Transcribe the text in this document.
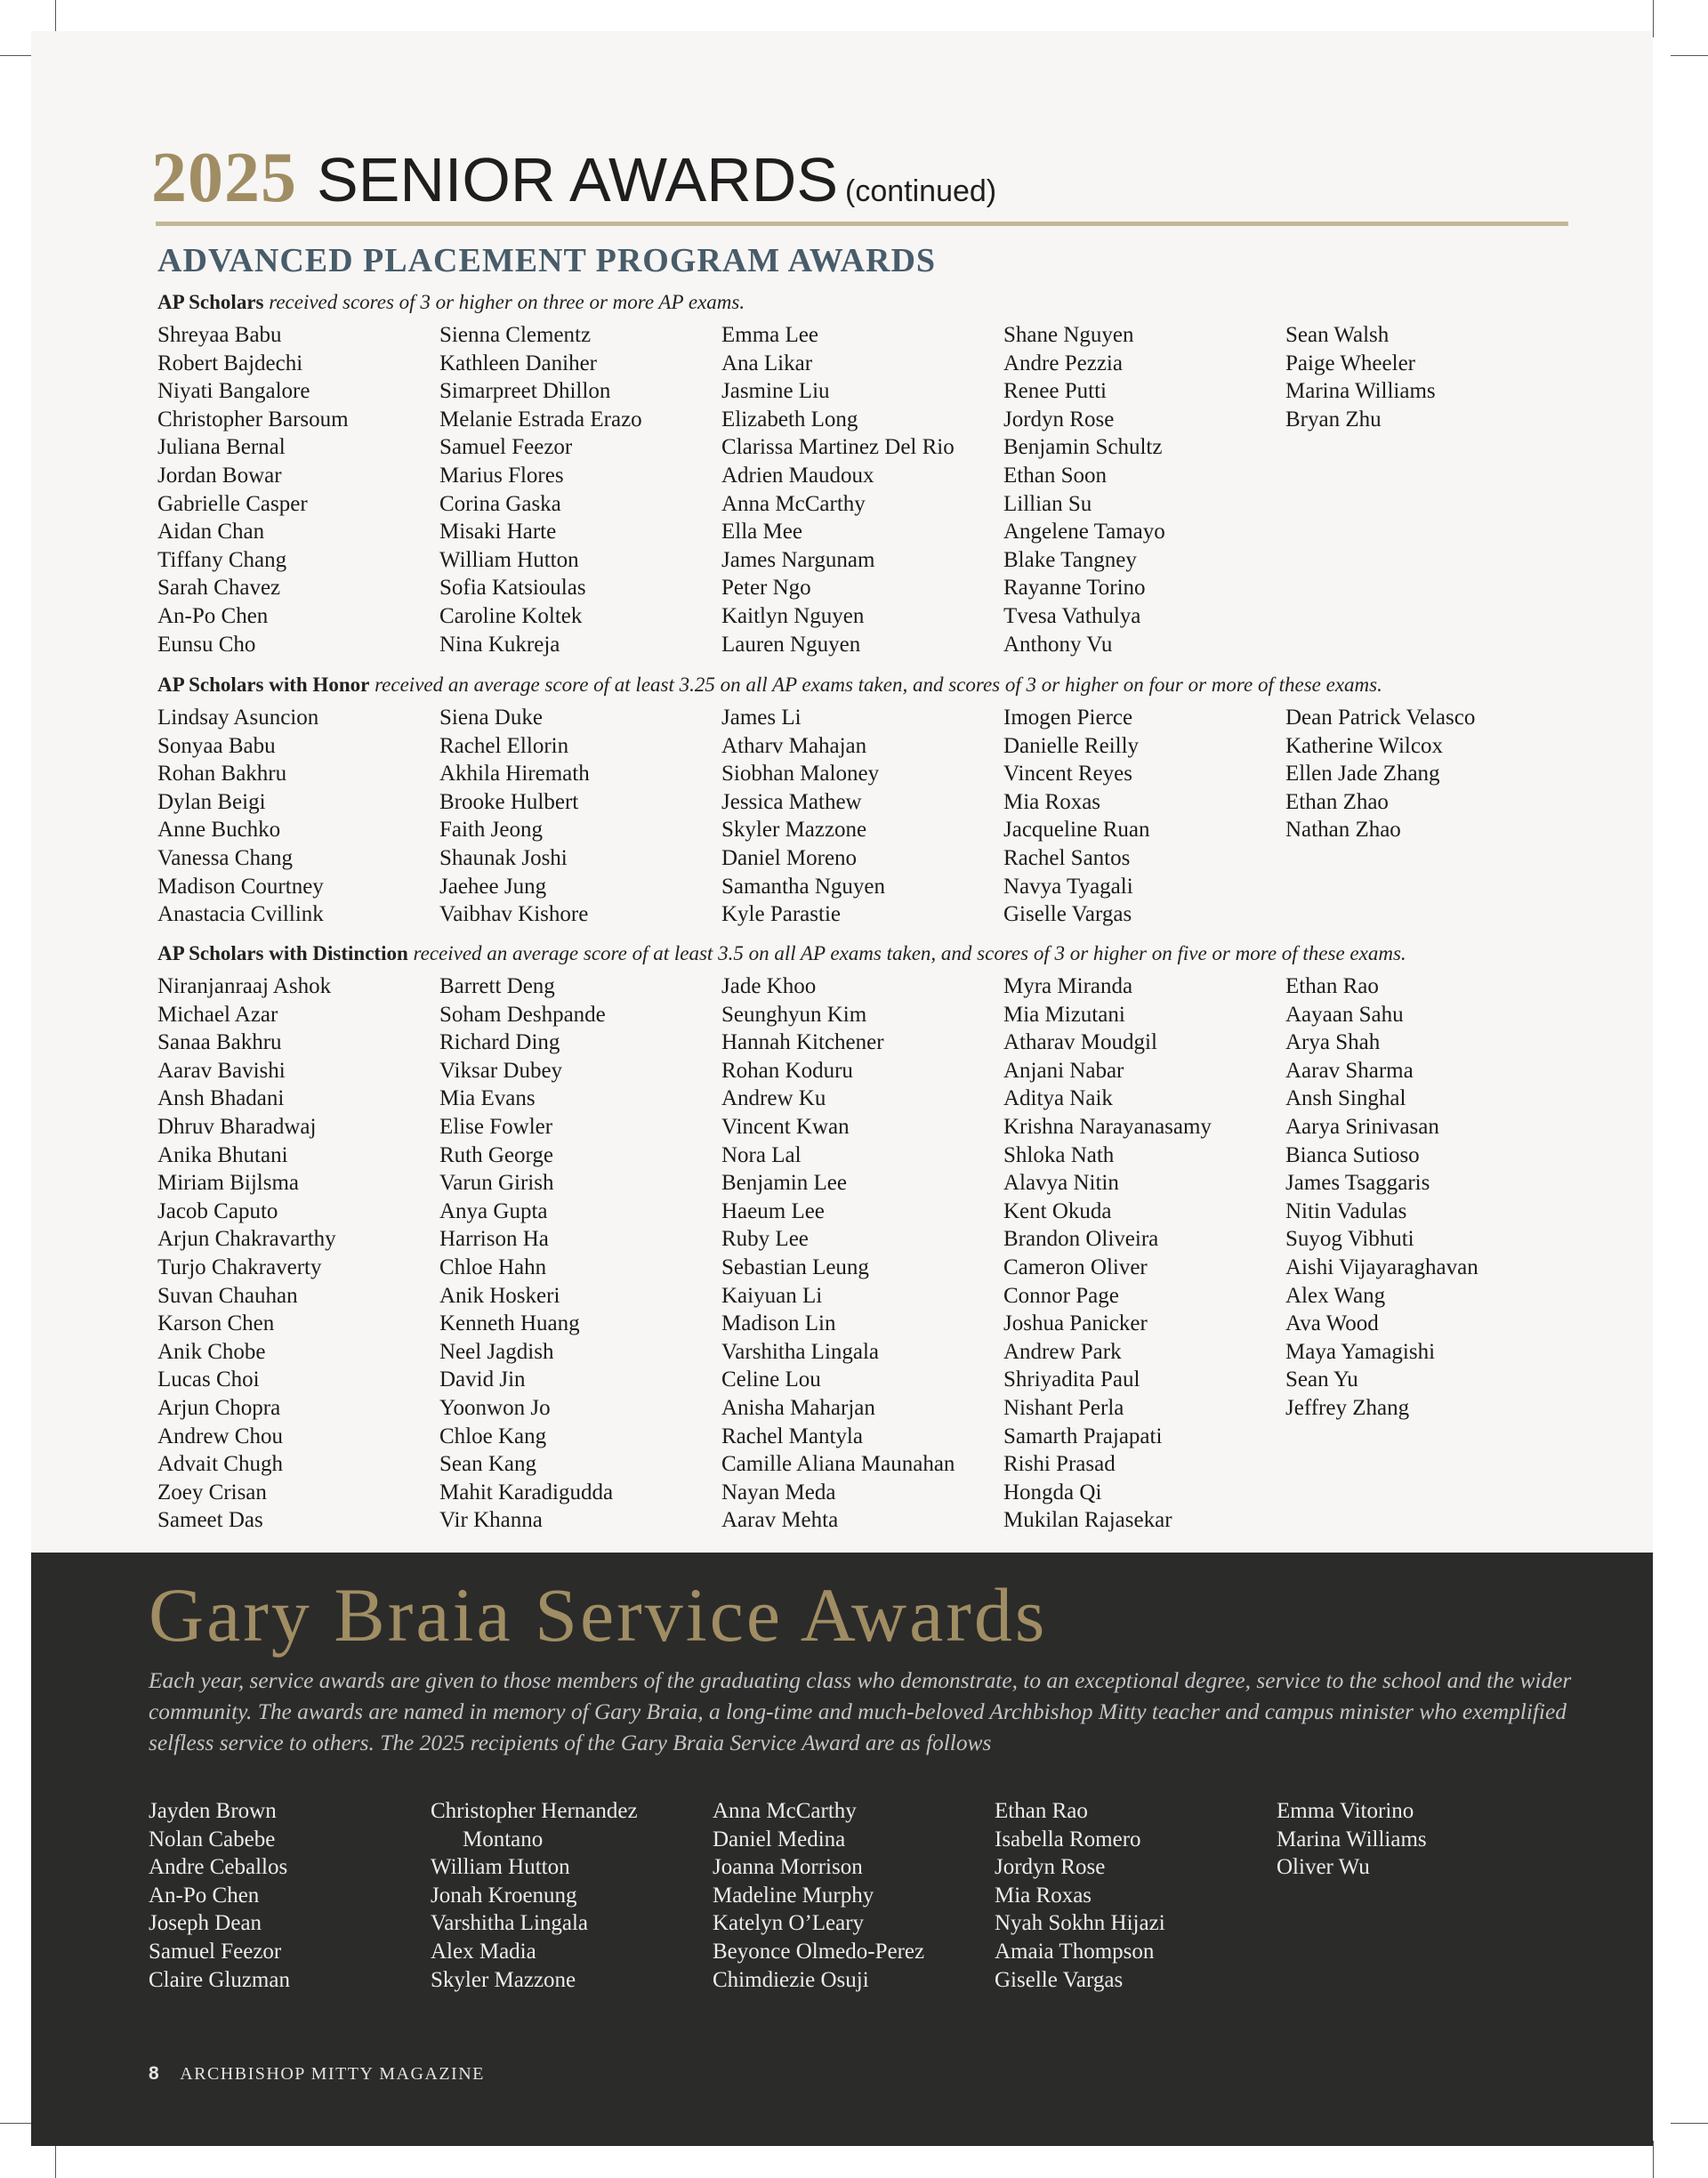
2025 SENIOR AWARDS (continued)
ADVANCED PLACEMENT PROGRAM AWARDS
AP Scholars received scores of 3 or higher on three or more AP exams.
Shreyaa Babu
Robert Bajdechi
Niyati Bangalore
Christopher Barsoum
Juliana Bernal
Jordan Bowar
Gabrielle Casper
Aidan Chan
Tiffany Chang
Sarah Chavez
An-Po Chen
Eunsu Cho
Sienna Clementz
Kathleen Daniher
Simarpreet Dhillon
Melanie Estrada Erazo
Samuel Feezor
Marius Flores
Corina Gaska
Misaki Harte
William Hutton
Sofia Katsioulas
Caroline Koltek
Nina Kukreja
Emma Lee
Ana Likar
Jasmine Liu
Elizabeth Long
Clarissa Martinez Del Rio
Adrien Maudoux
Anna McCarthy
Ella Mee
James Nargunam
Peter Ngo
Kaitlyn Nguyen
Lauren Nguyen
Shane Nguyen
Andre Pezzia
Renee Putti
Jordyn Rose
Benjamin Schultz
Ethan Soon
Lillian Su
Angelene Tamayo
Blake Tangney
Rayanne Torino
Tvesa Vathulya
Anthony Vu
Sean Walsh
Paige Wheeler
Marina Williams
Bryan Zhu
AP Scholars with Honor received an average score of at least 3.25 on all AP exams taken, and scores of 3 or higher on four or more of these exams.
Lindsay Asuncion
Sonyaa Babu
Rohan Bakhru
Dylan Beigi
Anne Buchko
Vanessa Chang
Madison Courtney
Anastacia Cvillink
Siena Duke
Rachel Ellorin
Akhila Hiremath
Brooke Hulbert
Faith Jeong
Shaunak Joshi
Jaehee Jung
Vaibhav Kishore
James Li
Atharv Mahajan
Siobhan Maloney
Jessica Mathew
Skyler Mazzone
Daniel Moreno
Samantha Nguyen
Kyle Parastie
Imogen Pierce
Danielle Reilly
Vincent Reyes
Mia Roxas
Jacqueline Ruan
Rachel Santos
Navya Tyagali
Giselle Vargas
Dean Patrick Velasco
Katherine Wilcox
Ellen Jade Zhang
Ethan Zhao
Nathan Zhao
AP Scholars with Distinction received an average score of at least 3.5 on all AP exams taken, and scores of 3 or higher on five or more of these exams.
Niranjanraaj Ashok
Michael Azar
Sanaa Bakhru
Aarav Bavishi
Ansh Bhadani
Dhruv Bharadwaj
Anika Bhutani
Miriam Bijlsma
Jacob Caputo
Arjun Chakravarthy
Turjo Chakraverty
Suvan Chauhan
Karson Chen
Anik Chobe
Lucas Choi
Arjun Chopra
Andrew Chou
Advait Chugh
Zoey Crisan
Sameet Das
Barrett Deng
Soham Deshpande
Richard Ding
Viksar Dubey
Mia Evans
Elise Fowler
Ruth George
Varun Girish
Anya Gupta
Harrison Ha
Chloe Hahn
Anik Hoskeri
Kenneth Huang
Neel Jagdish
David Jin
Yoonwon Jo
Chloe Kang
Sean Kang
Mahit Karadigudda
Vir Khanna
Jade Khoo
Seunghyun Kim
Hannah Kitchener
Rohan Koduru
Andrew Ku
Vincent Kwan
Nora Lal
Benjamin Lee
Haeum Lee
Ruby Lee
Sebastian Leung
Kaiyuan Li
Madison Lin
Varshitha Lingala
Celine Lou
Anisha Maharjan
Rachel Mantyla
Camille Aliana Maunahan
Nayan Meda
Aarav Mehta
Myra Miranda
Mia Mizutani
Atharav Moudgil
Anjani Nabar
Aditya Naik
Krishna Narayanasamy
Shloka Nath
Alavya Nitin
Kent Okuda
Brandon Oliveira
Cameron Oliver
Connor Page
Joshua Panicker
Andrew Park
Shriyadita Paul
Nishant Perla
Samarth Prajapati
Rishi Prasad
Hongda Qi
Mukilan Rajasekar
Ethan Rao
Aayaan Sahu
Arya Shah
Aarav Sharma
Ansh Singhal
Aarya Srinivasan
Bianca Sutioso
James Tsaggaris
Nitin Vadulas
Suyog Vibhuti
Aishi Vijayaraghavan
Alex Wang
Ava Wood
Maya Yamagishi
Sean Yu
Jeffrey Zhang
Gary Braia Service Awards
Each year, service awards are given to those members of the graduating class who demonstrate, to an exceptional degree, service to the school and the wider community. The awards are named in memory of Gary Braia, a long-time and much-beloved Archbishop Mitty teacher and campus minister who exemplified selfless service to others. The 2025 recipients of the Gary Braia Service Award are as follows
Jayden Brown
Nolan Cabebe
Andre Ceballos
An-Po Chen
Joseph Dean
Samuel Feezor
Claire Gluzman
Christopher Hernandez
Montano
William Hutton
Jonah Kroenung
Varshitha Lingala
Alex Madia
Skyler Mazzone
Anna McCarthy
Daniel Medina
Joanna Morrison
Madeline Murphy
Katelyn O’Leary
Beyonce Olmedo-Perez
Chimdiezie Osuji
Ethan Rao
Isabella Romero
Jordyn Rose
Mia Roxas
Nyah Sokhn Hijazi
Amaia Thompson
Giselle Vargas
Emma Vitorino
Marina Williams
Oliver Wu
8 ARCHBISHOP MITTY MAGAZINE
